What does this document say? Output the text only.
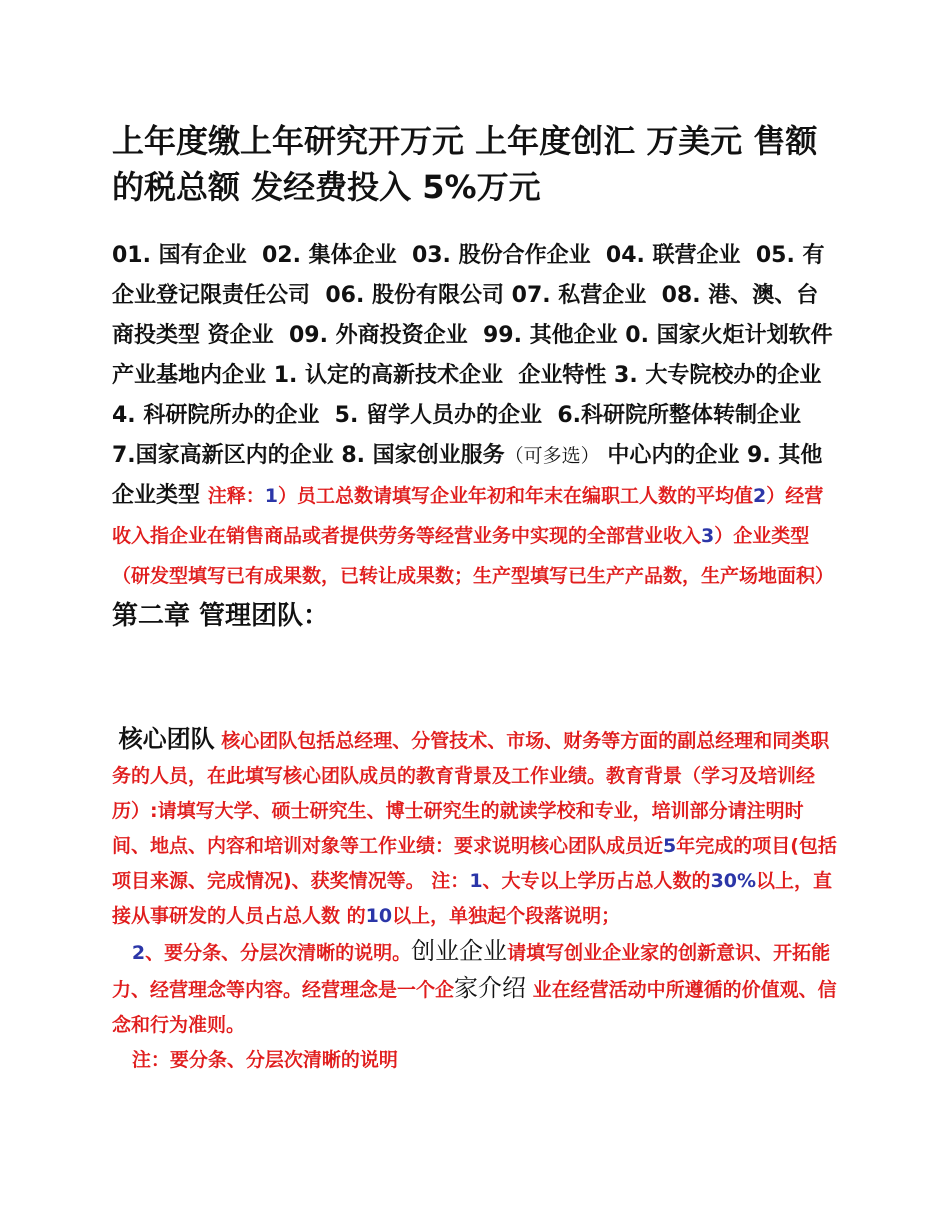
上年度缴上年研究开万元 上年度创汇 万美元 售额的税总额 发经费投入 5%万元

01. 国有企业 02. 集体企业 03. 股份合作企业 04. 联营企业 05. 有企业登记限责任公司 06. 股份有限公司 07. 私营企业 08. 港、澳、台商投类型 资企业 09. 外商投资企业 99. 其他企业 0. 国家火炬计划软件产业基地内企业 1. 认定的高新技术企业 企业特性 3. 大专院校办的企业 4. 科研院所办的企业 5. 留学人员办的企业 6.科研院所整体转制企业  7.国家高新区内的企业 8. 国家创业服务（可多选） 中心内的企业 9. 其他  企业类型 注释：1）员工总数请填写企业年初和年末在编职工人数的平均值2）经营收入指企业在销售商品或者提供劳务等经营业务中实现的全部营业收入3）企业类型（研发型填写已有成果数，已转让成果数；生产型填写已生产产品数，生产场地面积） 第二章 管理团队：

核心团队 核心团队包括总经理、分管技术、市场、财务等方面的副总经理和同类职务的人员，在此填写核心团队成员的教育背景及工作业绩。教育背景（学习及培训经历）:请填写大学、硕士研究生、博士研究生的就读学校和专业，培训部分请注明时间、地点、内容和培训对象等工作业绩：要求说明核心团队成员近5年完成的项目(包括项目来源、完成情况)、获奖情况等。 注：1、大专以上学历占总人数的30%以上，直接从事研发的人员占总人数 的10以上，单独起个段落说明；
2、要分条、分层次清晰的说明。创业企业请填写创业企业家的创新意识、开拓能力、经营理念等内容。经营理念是一个企家介绍 业在经营活动中所遵循的价值观、信念和行为准则。
注：要分条、分层次清晰的说明
